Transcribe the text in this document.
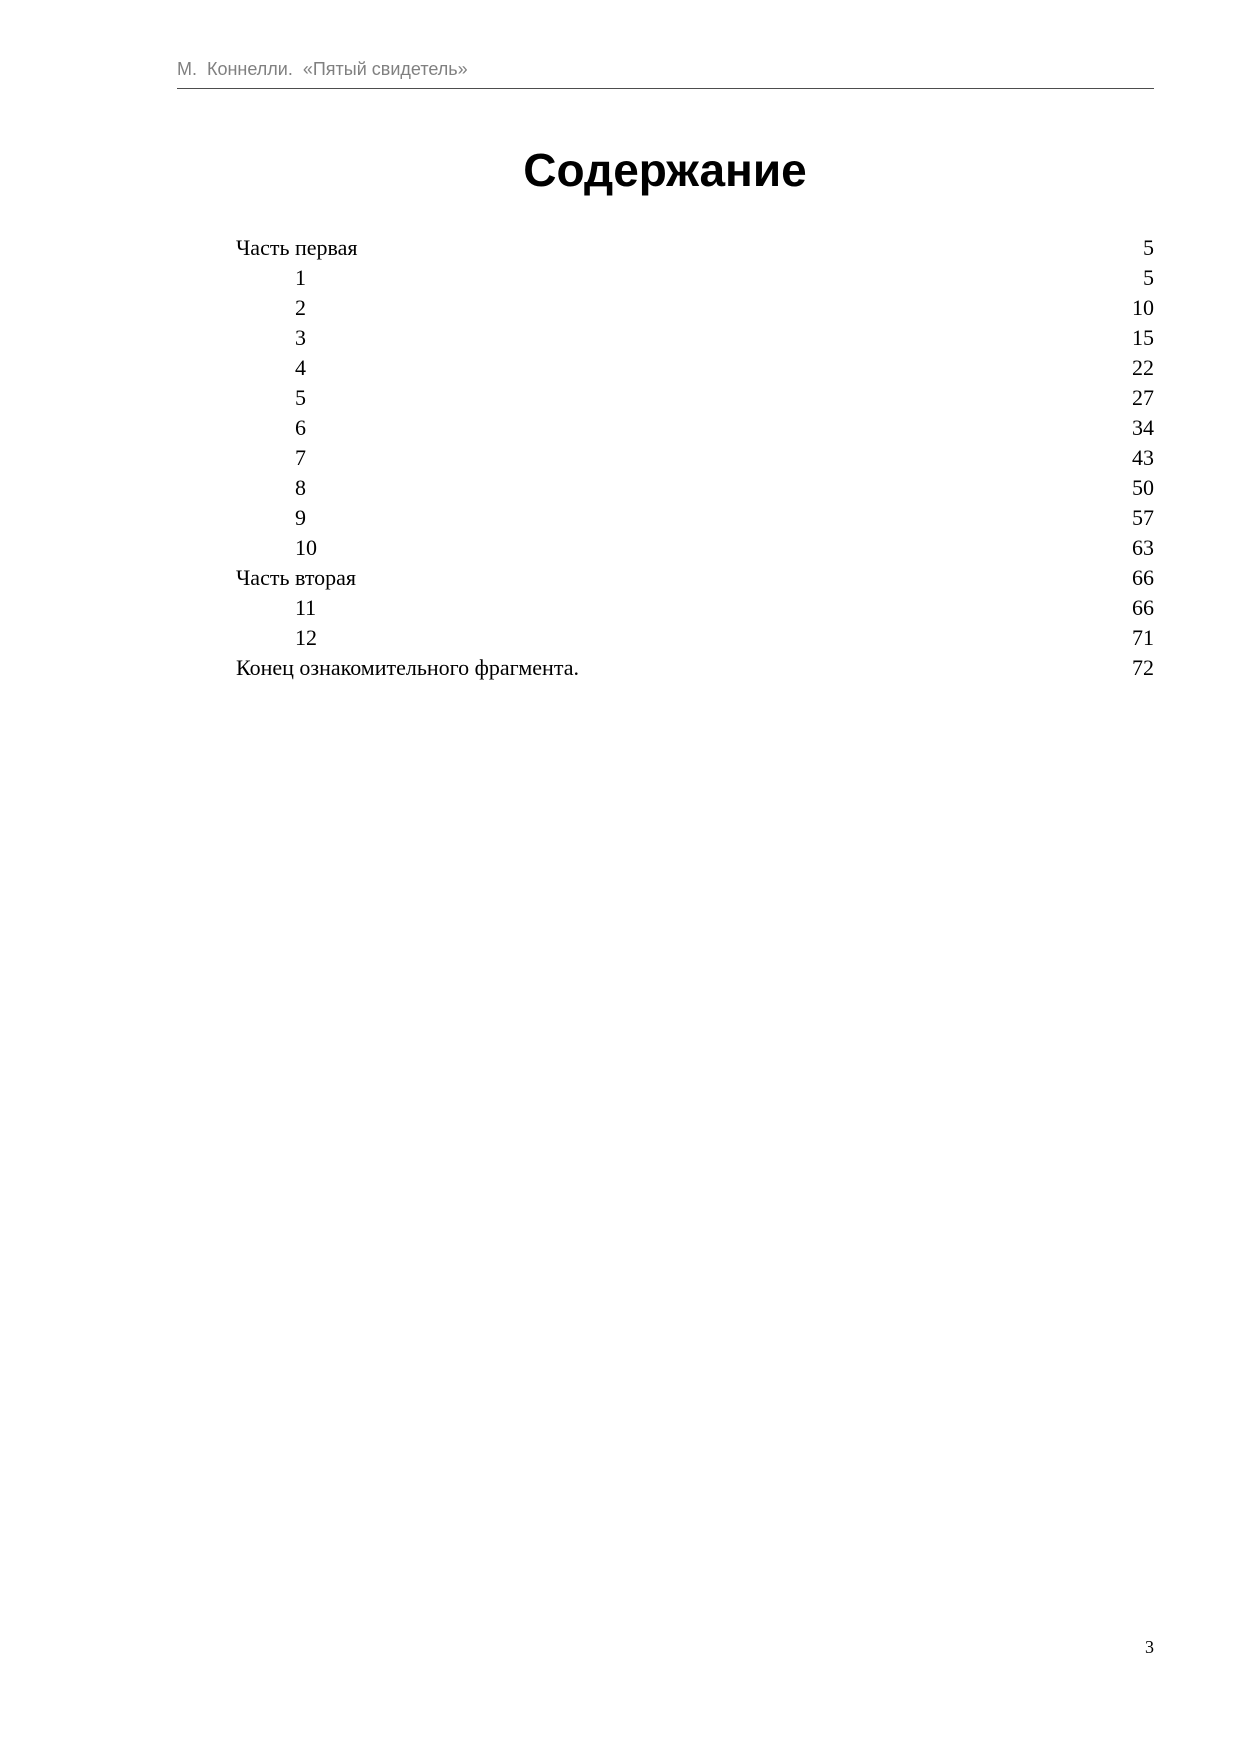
М.  Коннелли.  «Пятый свидетель»
Содержание
Часть первая	5
1	5
2	10
3	15
4	22
5	27
6	34
7	43
8	50
9	57
10	63
Часть вторая	66
11	66
12	71
Конец ознакомительного фрагмента.	72
3
